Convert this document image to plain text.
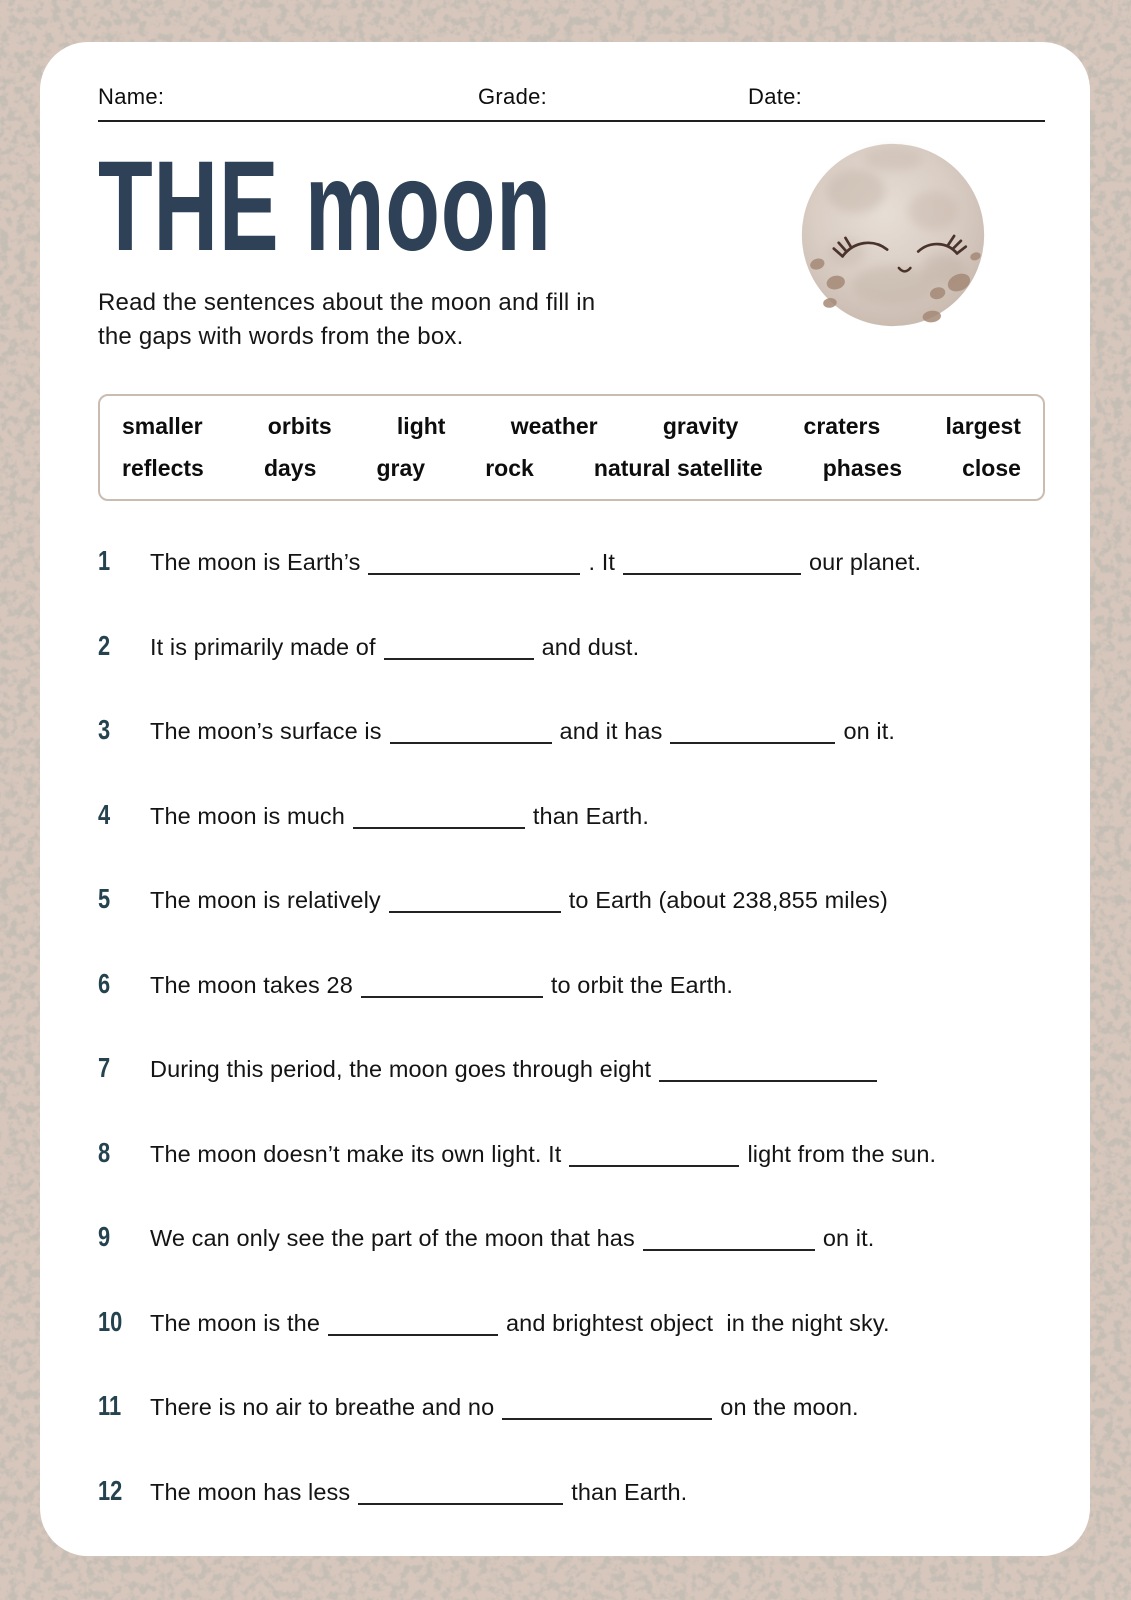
Name:	Grade:	Date:
THE moon

Read the sentences about the moon and fill in the gaps with words from the box.

smaller	orbits	light	weather	gravity	craters	largest
reflects	days	gray	rock	natural satellite	phases	close
1	The moon is Earth’s	. It	our planet.
2	It is primarily made of	and dust.
3	The moon’s surface is	and it has	on it.
4	The moon is much	than Earth.
5	The moon is relatively	to Earth (about 238,855 miles)
6	The moon takes 28	to orbit the Earth.
7	During this period, the moon goes through eight
8	The moon doesn’t make its own light. It	light from the sun.
9	We can only see the part of the moon that has	on it.
10	The moon is the	and brightest object  in the night sky.
11	There is no air to breathe and no	on the moon.
12	The moon has less	than Earth.
